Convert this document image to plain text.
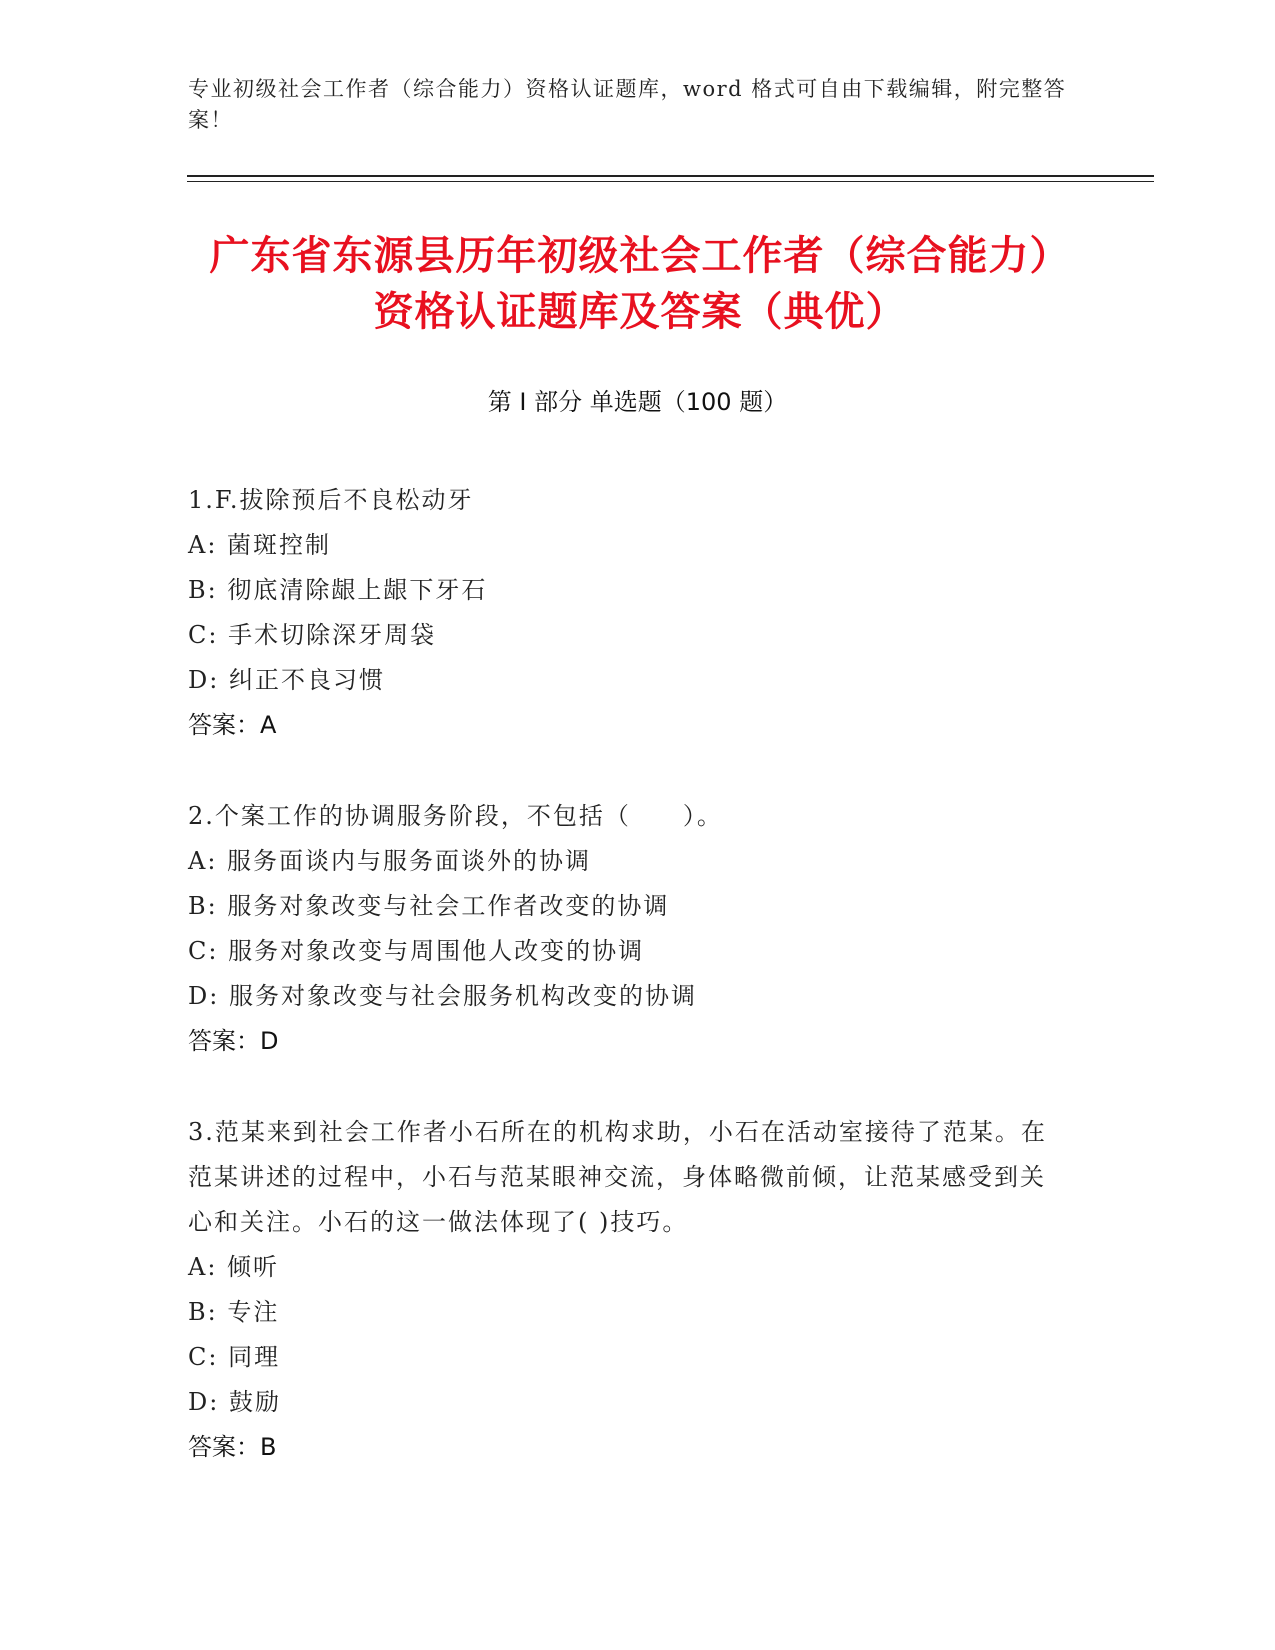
专业初级社会工作者（综合能力）资格认证题库，word 格式可自由下载编辑，附完整答案！
广东省东源县历年初级社会工作者（综合能力）资格认证题库及答案（典优）
第 I 部分 单选题（100 题）

1.F.拔除预后不良松动牙

A: 菌斑控制

B: 彻底清除龈上龈下牙石

C: 手术切除深牙周袋

D: 纠正不良习惯

答案：A

2.个案工作的协调服务阶段，不包括（　　）。

A: 服务面谈内与服务面谈外的协调

B: 服务对象改变与社会工作者改变的协调

C: 服务对象改变与周围他人改变的协调

D: 服务对象改变与社会服务机构改变的协调

答案：D

3.范某来到社会工作者小石所在的机构求助，小石在活动室接待了范某。在范某讲述的过程中，小石与范某眼神交流，身体略微前倾，让范某感受到关心和关注。小石的这一做法体现了( )技巧。

A: 倾听

B: 专注

C: 同理

D: 鼓励

答案：B
